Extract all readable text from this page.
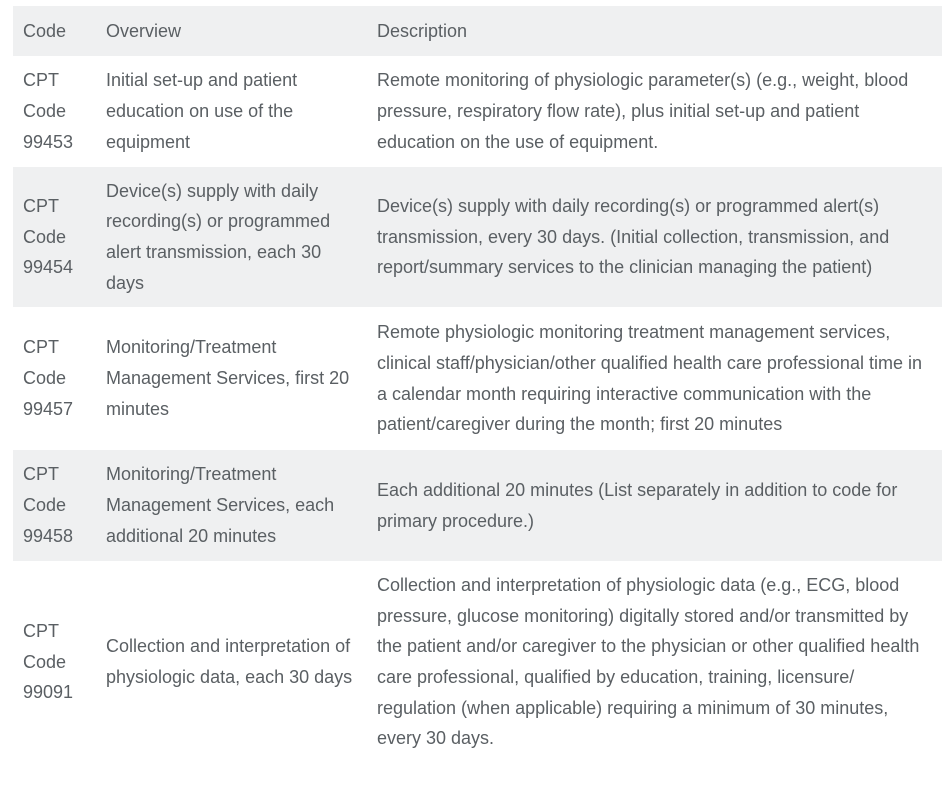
Code	Overview	Description
CPT
Code
99453
Initial set-up and patient education on use of the equipment
Remote monitoring of physiologic parameter(s) (e.g., weight, blood pressure, respiratory flow rate), plus initial set-up and patient education on the use of equipment.
CPT
Code
99454
Device(s) supply with daily recording(s) or programmed alert transmission, each 30 days
Device(s) supply with daily recording(s) or programmed alert(s) transmission, every 30 days. (Initial collection, transmission, and report/summary services to the clinician managing the patient)
CPT
Code
99457
Monitoring/Treatment Management Services, first 20 minutes
Remote physiologic monitoring treatment management services, clinical staff/physician/other qualified health care professional time in a calendar month requiring interactive communication with the patient/caregiver during the month; first 20 minutes
CPT
Code
99458
Monitoring/Treatment Management Services, each additional 20 minutes
Each additional 20 minutes (List separately in addition to code for primary procedure.)
CPT
Code
99091
Collection and interpretation of physiologic data, each 30 days
Collection and interpretation of physiologic data (e.g., ECG, blood pressure, glucose monitoring) digitally stored and/or transmitted by the patient and/or caregiver to the physician or other qualified health care professional, qualified by education, training, licensure/ regulation (when applicable) requiring a minimum of 30 minutes, every 30 days.
